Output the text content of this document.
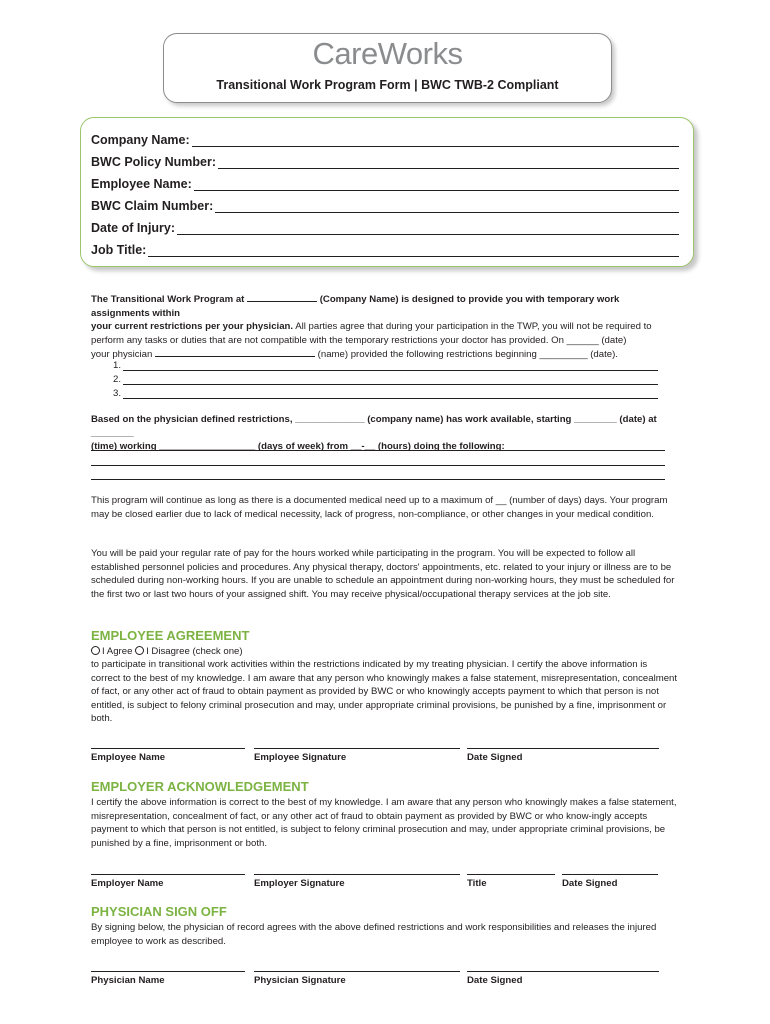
CareWorks
Transitional Work Program Form | BWC TWB-2 Compliant
Company Name:
BWC Policy Number:
Employee Name:
BWC Claim Number:
Date of Injury:
Job Title:
The Transitional Work Program at	(Company Name) is designed to provide you with temporary work assignments within
your current restrictions per your physician. All parties agree that during your participation in the TWP, you will not be required to
perform any tasks or duties that are not compatible with the temporary restrictions your doctor has provided. On ______ (date)
your physician	(name) provided the following restrictions beginning _________ (date).
1.
2.
3.
Based on the physician defined restrictions, _____________ (company name) has work available, starting ________ (date) at ________
(time) working __________________ (days of week) from __-__ (hours) doing the following:
This program will continue as long as there is a documented medical need up to a maximum of __ (number of days) days. Your program may be closed earlier due to lack of medical necessity, lack of progress, non-compliance, or other changes in your medical condition.
You will be paid your regular rate of pay for the hours worked while participating in the program. You will be expected to follow all established personnel policies and procedures. Any physical therapy, doctors' appointments, etc. related to your injury or illness are to be scheduled during non-working hours. If you are unable to schedule an appointment during non-working hours, they must be scheduled for the first two or last two hours of your assigned shift. You may receive physical/occupational therapy services at the job site.
EMPLOYEE AGREEMENT
I Agree I Disagree (check one)
to participate in transitional work activities within the restrictions indicated by my treating physician. I certify the above information is correct to the best of my knowledge. I am aware that any person who knowingly makes a false statement, misrepresentation, concealment of fact, or any other act of fraud to obtain payment as provided by BWC or who knowingly accepts payment to which that person is not entitled, is subject to felony criminal prosecution and may, under appropriate criminal provisions, be punished by a fine, imprisonment or both.
Employee Name	Employee Signature	Date Signed
EMPLOYER ACKNOWLEDGEMENT
I certify the above information is correct to the best of my knowledge. I am aware that any person who knowingly makes a false statement, misrepresentation, concealment of fact, or any other act of fraud to obtain payment as provided by BWC or who know-ingly accepts payment to which that person is not entitled, is subject to felony criminal prosecution and may, under appropriate criminal provisions, be punished by a fine, imprisonment or both.
Employer Name	Employer Signature	Title	Date Signed
PHYSICIAN SIGN OFF
By signing below, the physician of record agrees with the above defined restrictions and work responsibilities and releases the injured employee to work as described.
Physician Name	Physician Signature	Date Signed
